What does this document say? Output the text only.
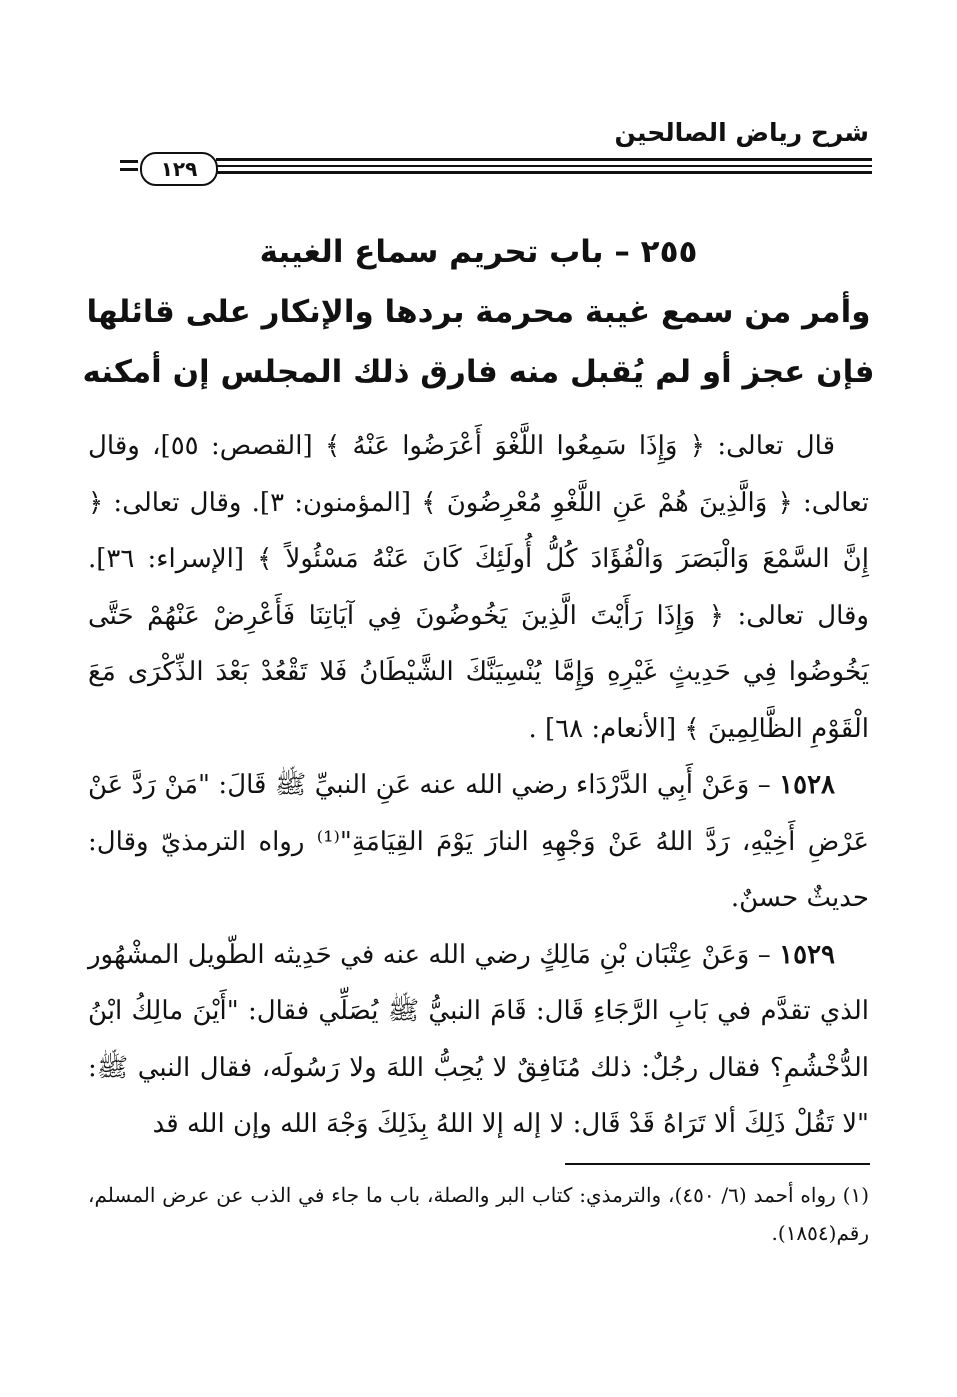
شرح رياض الصالحين
١٢٩
٢٥٥ – باب تحريم سماع الغيبة
وأمر من سمع غيبة محرمة بردها والإنكار على قائلها
فإن عجز أو لم يُقبل منه فارق ذلك المجلس إن أمكنه

قال تعالى: ﴿ وَإِذَا سَمِعُوا اللَّغْوَ أَعْرَضُوا عَنْهُ ﴾ [القصص: ٥٥]، وقال تعالى: ﴿ وَالَّذِينَ هُمْ عَنِ اللَّغْوِ مُعْرِضُونَ ﴾ [المؤمنون: ٣]. وقال تعالى: ﴿ إِنَّ السَّمْعَ وَالْبَصَرَ وَالْفُؤَادَ كُلُّ أُولَئِكَ كَانَ عَنْهُ مَسْئُولاً ﴾ [الإسراء: ٣٦]. وقال تعالى: ﴿ وَإِذَا رَأَيْتَ الَّذِينَ يَخُوضُونَ فِي آيَاتِنَا فَأَعْرِضْ عَنْهُمْ حَتَّى يَخُوضُوا فِي حَدِيثٍ غَيْرِهِ وَإِمَّا يُنْسِيَنَّكَ الشَّيْطَانُ فَلا تَقْعُدْ بَعْدَ الذِّكْرَى مَعَ الْقَوْمِ الظَّالِمِينَ ﴾ [الأنعام: ٦٨] .

١٥٢٨ – وَعَنْ أَبِي الدَّرْدَاء رضي الله عنه عَنِ النبيِّ ﷺ قَالَ: "مَنْ رَدَّ عَنْ عَرْضِ أَخِيْهِ، رَدَّ اللهُ عَنْ وَجْهِهِ النارَ يَوْمَ القِيَامَةِ"⁽¹⁾ رواه الترمذيّ وقال: حديثٌ حسنٌ.

١٥٢٩ – وَعَنْ عِتْبَان بْنِ مَالِكٍ رضي الله عنه في حَدِيثه الطّويل المشْهُور الذي تقدَّم في بَابِ الرَّجَاءِ قَال: قَامَ النبيُّ ﷺ يُصَلِّي فقال: "أَيْنَ مالِكُ ابْنُ الدُّخْشُمِ؟ فقال رجُلٌ: ذلك مُنَافِقٌ لا يُحِبُّ اللهَ ولا رَسُولَه، فقال النبي ﷺ: "لا تَقُلْ ذَلِكَ ألا تَرَاهُ قَدْ قَال: لا إله إلا اللهُ بِذَلِكَ وَجْهَ الله وإن الله قد

(١) رواه أحمد (٦/ ٤٥٠)، والترمذي: كتاب البر والصلة، باب ما جاء في الذب عن عرض المسلم، رقم(١٨٥٤).
